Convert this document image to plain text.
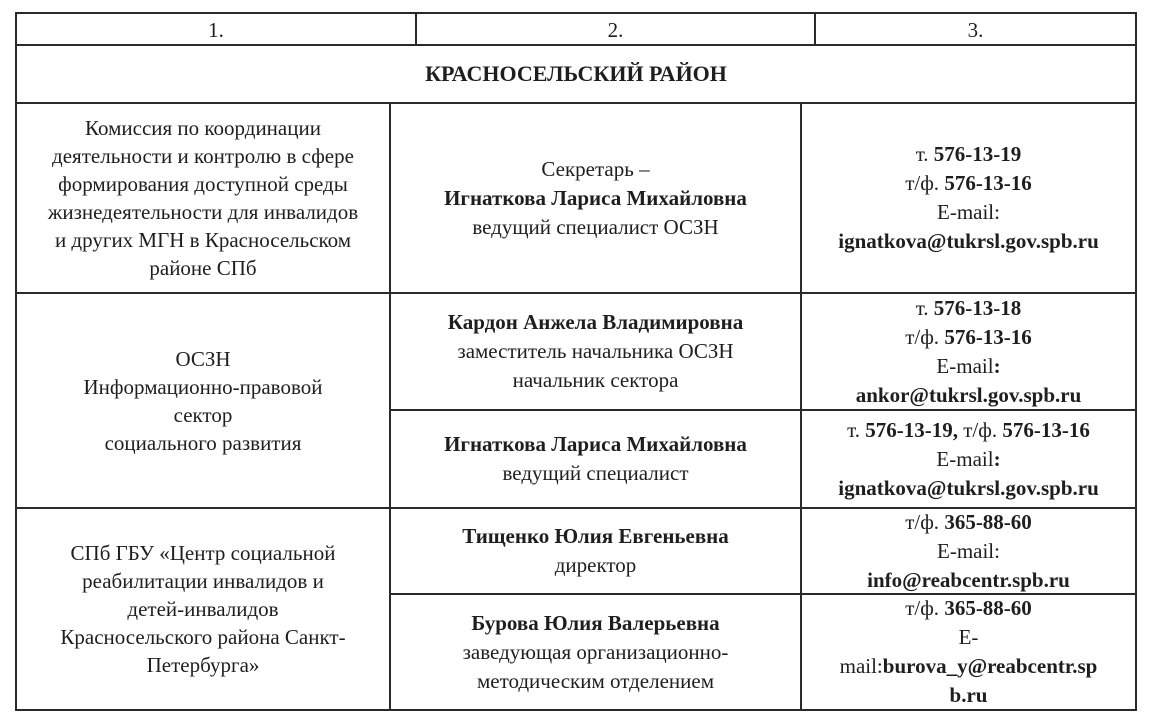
1.	2.	3.
КРАСНОСЕЛЬСКИЙ РАЙОН
Комиссия по координации
деятельности и контролю в сфере
формирования доступной среды
жизнедеятельности для инвалидов
и других МГН в Красносельском
районе СПб
Секретарь –
Игнаткова Лариса Михайловна
ведущий специалист ОСЗН
т. 576-13-19
т/ф. 576-13-16
E-mail:
ignatkova@tukrsl.gov.spb.ru
ОСЗН
Информационно-правовой
сектор
социального развития
Кардон Анжела Владимировна
заместитель начальника ОСЗН
начальник сектора
т. 576-13-18
т/ф. 576-13-16
E-mail:
ankor@tukrsl.gov.spb.ru
Игнаткова Лариса Михайловна
ведущий специалист
т. 576-13-19, т/ф. 576-13-16
E-mail:
ignatkova@tukrsl.gov.spb.ru
СПб ГБУ «Центр социальной
реабилитации инвалидов и
детей-инвалидов
Красносельского района Санкт-
Петербурга»
Тищенко Юлия Евгеньевна
директор
т/ф. 365-88-60
E-mail:
info@reabcentr.spb.ru
Бурова Юлия Валерьевна
заведующая организационно-
методическим отделением
т/ф. 365-88-60
E-
mail:burova_y@reabcentr.sp
b.ru
